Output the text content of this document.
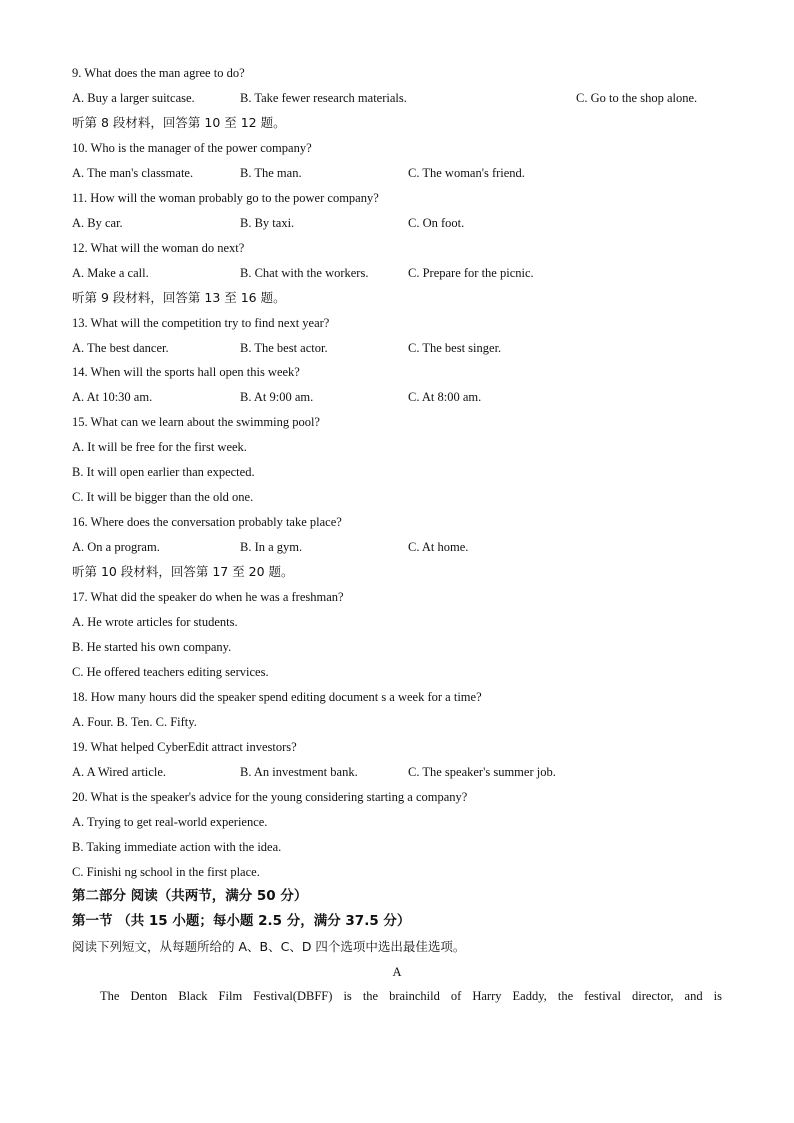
9. What does the man agree to do?
A. Buy a larger suitcase.	B. Take fewer research materials.	C. Go to the shop alone.
听第 8 段材料，回答第 10 至 12 题。
10. Who is the manager of the power company?
A. The man's classmate.	B. The man.	C. The woman's friend.
11. How will the woman probably go to the power company?
A. By car.	B. By taxi.	C. On foot.
12. What will the woman do next?
A. Make a call.	B. Chat with the workers.	C. Prepare for the picnic.
听第 9 段材料，回答第 13 至 16 题。
13. What will the competition try to find next year?
A. The best dancer.	B. The best actor.	C. The best singer.
14. When will the sports hall open this week?
A. At 10:30 am.	B. At 9:00 am.	C. At 8:00 am.
15. What can we learn about the swimming pool?
A. It will be free for the first week.
B. It will open earlier than expected.
C. It will be bigger than the old one.
16. Where does the conversation probably take place?
A. On a program.	B. In a gym.	C. At home.
听第 10 段材料，回答第 17 至 20 题。
17. What did the speaker do when he was a freshman?
A. He wrote articles for students.
B. He started his own company.
C. He offered teachers editing services.
18. How many hours did the speaker spend editing document s a week for a time?
A. Four. B. Ten. C. Fifty.
19. What helped CyberEdit attract investors?
A. A Wired article.	B. An investment bank.	C. The speaker's summer job.
20. What is the speaker's advice for the young considering starting a company?
A. Trying to get real-world experience.
B. Taking immediate action with the idea.
C. Finishi ng school in the first place.
第二部分 阅读（共两节，满分 50 分）
第一节 （共 15 小题；每小题 2.5 分，满分 37.5 分）
阅读下列短文，从每题所给的 A、B、C、D 四个选项中选出最佳选项。
A
The Denton Black Film Festival(DBFF) is the brainchild of Harry Eaddy, the festival director, and is
